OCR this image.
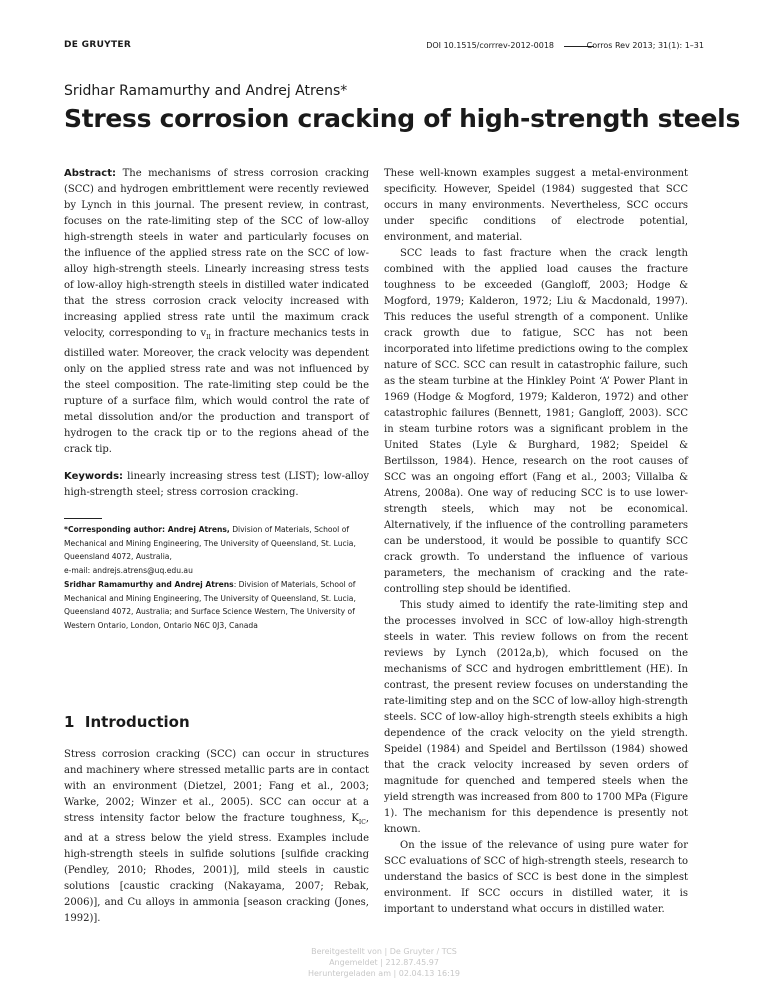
DE GRUYTER	DOI 10.1515/corrrev-2012-0018	Corros Rev 2013; 31(1): 1–31
Sridhar Ramamurthy and Andrej Atrens*
Stress corrosion cracking of high-strength steels

Abstract: The mechanisms of stress corrosion cracking (SCC) and hydrogen embrittlement were recently reviewed by Lynch in this journal. The present review, in contrast, focuses on the rate-limiting step of the SCC of low-alloy high-strength steels in water and particularly focuses on the influence of the applied stress rate on the SCC of low-alloy high-strength steels. Linearly increasing stress tests of low-alloy high-strength steels in distilled water indicated that the stress corrosion crack velocity increased with increasing applied stress rate until the maximum crack velocity, corresponding to $v_{II}$ in fracture mechanics tests in distilled water. Moreover, the crack velocity was dependent only on the applied stress rate and was not influenced by the steel composition. The rate-limiting step could be the rupture of a surface film, which would control the rate of metal dissolution and/or the production and transport of hydrogen to the crack tip or to the regions ahead of the crack tip.

Keywords: linearly increasing stress test (LIST); low-alloy high-strength steel; stress corrosion cracking.

*Corresponding author: Andrej Atrens, Division of Materials, School of Mechanical and Mining Engineering, The University of Queensland, St. Lucia, Queensland 4072, Australia,
e-mail: andrejs.atrens@uq.edu.au

Sridhar Ramamurthy and Andrej Atrens: Division of Materials, School of Mechanical and Mining Engineering, The University of Queensland, St. Lucia, Queensland 4072, Australia; and Surface Science Western, The University of Western Ontario, London, Ontario N6C 0J3, Canada

1 Introduction

Stress corrosion cracking (SCC) can occur in structures and machinery where stressed metallic parts are in contact with an environment (Dietzel, 2001; Fang et al., 2003; Warke, 2002; Winzer et al., 2005). SCC can occur at a stress intensity factor below the fracture toughness, $K_{IC}$, and at a stress below the yield stress. Examples include high-strength steels in sulfide solutions [sulfide cracking (Pendley, 2010; Rhodes, 2001)], mild steels in caustic solutions [caustic cracking (Nakayama, 2007; Rebak, 2006)], and Cu alloys in ammonia [season cracking (Jones, 1992)].

These well-known examples suggest a metal-environment specificity. However, Speidel (1984) suggested that SCC occurs in many environments. Nevertheless, SCC occurs under specific conditions of electrode potential, environment, and material.

SCC leads to fast fracture when the crack length combined with the applied load causes the fracture toughness to be exceeded (Gangloff, 2003; Hodge & Mogford, 1979; Kalderon, 1972; Liu & Macdonald, 1997). This reduces the useful strength of a component. Unlike crack growth due to fatigue, SCC has not been incorporated into lifetime predictions owing to the complex nature of SCC. SCC can result in catastrophic failure, such as the steam turbine at the Hinkley Point ‘A’ Power Plant in 1969 (Hodge & Mogford, 1979; Kalderon, 1972) and other catastrophic failures (Bennett, 1981; Gangloff, 2003). SCC in steam turbine rotors was a significant problem in the United States (Lyle & Burghard, 1982; Speidel & Bertilsson, 1984). Hence, research on the root causes of SCC was an ongoing effort (Fang et al., 2003; Villalba & Atrens, 2008a). One way of reducing SCC is to use lower-strength steels, which may not be economical. Alternatively, if the influence of the controlling parameters can be understood, it would be possible to quantify SCC crack growth. To understand the influence of various parameters, the mechanism of cracking and the rate-controlling step should be identified.

This study aimed to identify the rate-limiting step and the processes involved in SCC of low-alloy high-strength steels in water. This review follows on from the recent reviews by Lynch (2012a,b), which focused on the mechanisms of SCC and hydrogen embrittlement (HE). In contrast, the present review focuses on understanding the rate-limiting step and on the SCC of low-alloy high-strength steels. SCC of low-alloy high-strength steels exhibits a high dependence of the crack velocity on the yield strength. Speidel (1984) and Speidel and Bertilsson (1984) showed that the crack velocity increased by seven orders of magnitude for quenched and tempered steels when the yield strength was increased from 800 to 1700 MPa (Figure 1). The mechanism for this dependence is presently not known.

On the issue of the relevance of using pure water for SCC evaluations of SCC of high-strength steels, research to understand the basics of SCC is best done in the simplest environment. If SCC occurs in distilled water, it is important to understand what occurs in distilled water.

Bereitgestellt von | De Gruyter / TCS
Angemeldet | 212.87.45.97
Heruntergeladen am | 02.04.13 16:19
